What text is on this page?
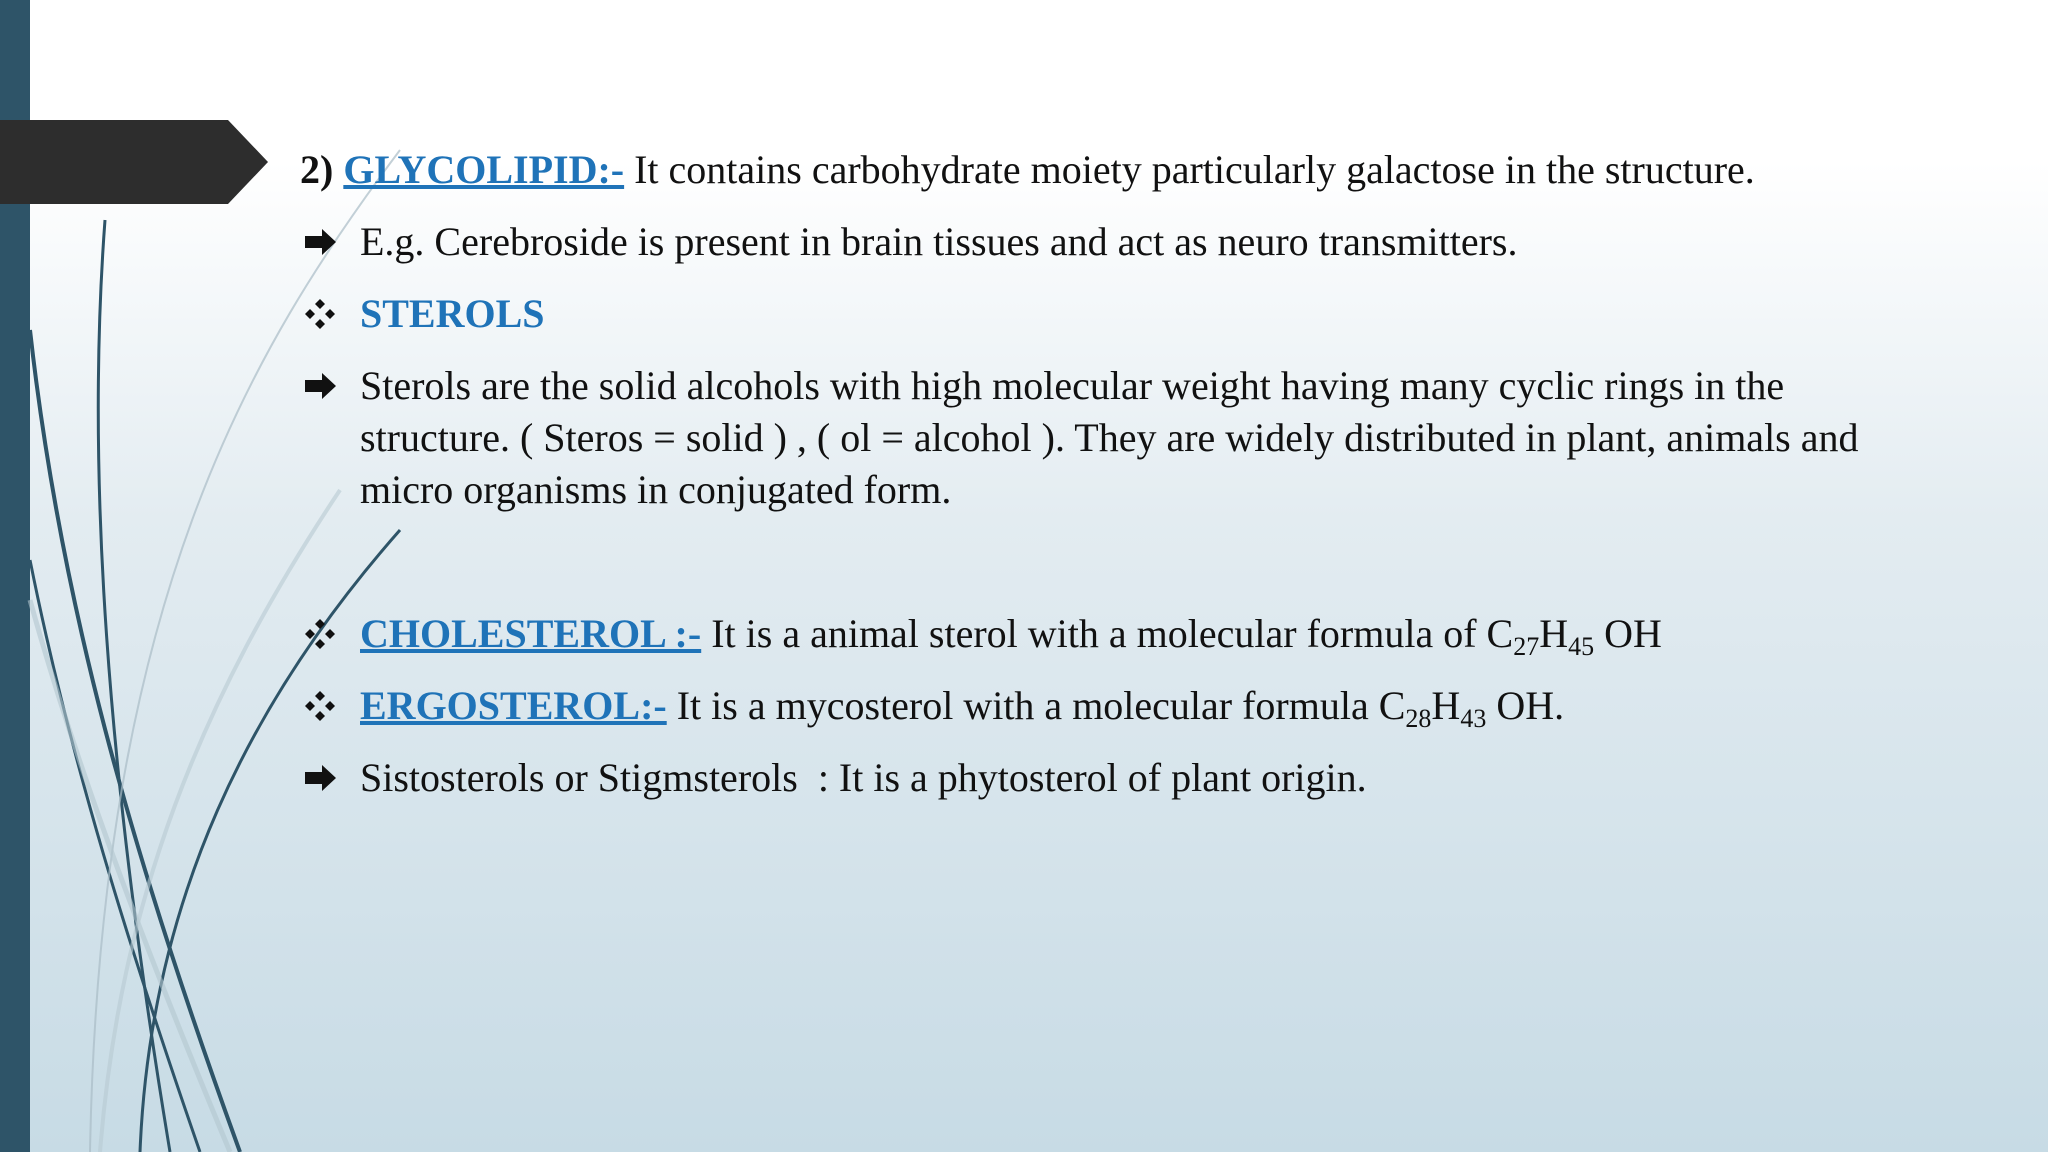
2) GLYCOLIPID:- It contains carbohydrate moiety particularly galactose in the structure.
E.g. Cerebroside is present in brain tissues and act as neuro transmitters.
STEROLS
Sterols are the solid alcohols with high molecular weight having many cyclic rings in the
structure. ( Steros = solid ) , ( ol = alcohol ). They are widely distributed in plant, animals and
micro organisms in conjugated form.
CHOLESTEROL :- It is a animal sterol with a molecular formula of $C_{27}H_{45}$ OH
ERGOSTEROL:- It is a mycosterol with a molecular formula $C_{28}H_{43}$ OH.
Sistosterols or Stigmsterols  : It is a phytosterol of plant origin.
